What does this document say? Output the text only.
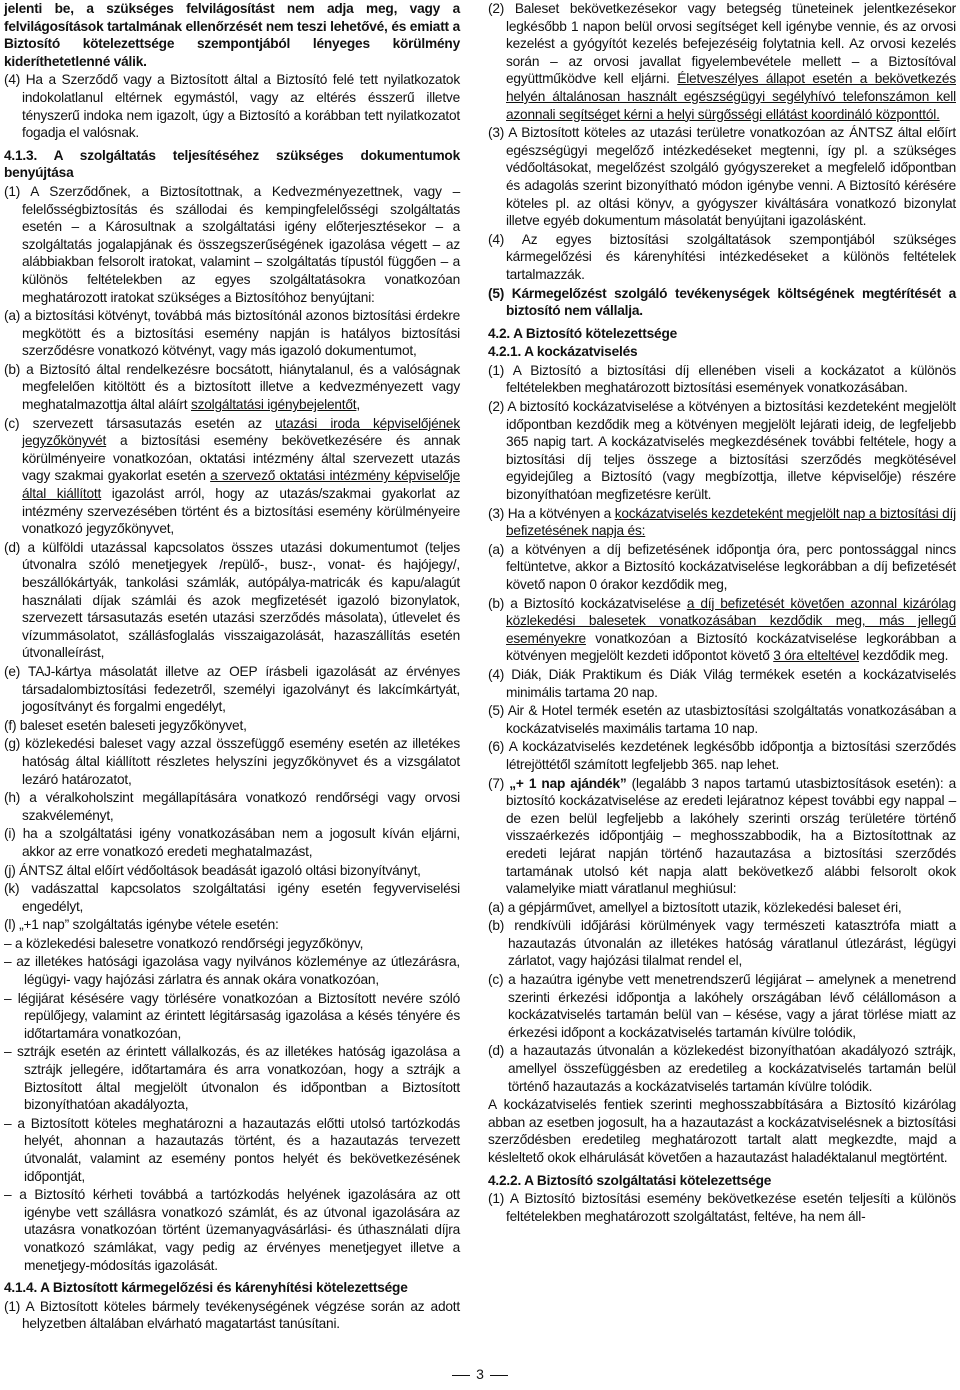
jelenti be, a szükséges felvilágosítást nem adja meg, vagy a felvilágosítások tartalmának ellenőrzését nem teszi lehetővé, és emiatt a Biztosító kötelezettsége szempontjából lényeges körülmény kideríthetetlenné válik.

(4) Ha a Szerződő vagy a Biztosított által a Biztosító felé tett nyilatkozatok indokolatlanul eltérnek egymástól, vagy az eltérés ésszerű illetve tényszerű indoka nem igazolt, úgy a Biztosító a korábban tett nyilatkozatot fogadja el valósnak.

4.1.3. A szolgáltatás teljesítéséhez szükséges dokumentumok benyújtása

(1) A Szerződőnek, a Biztosítottnak, a Kedvezményezettnek, vagy – felelősségbiztosítás és szállodai és kempingfelelősségi szolgáltatás esetén – a Károsultnak a szolgáltatási igény előterjesztésekor – a szolgáltatás jogalapjának és összegszerűségének igazolása végett – az alábbiakban felsorolt iratokat, valamint – szolgáltatás típustól függően – a különös feltételekben az egyes szolgáltatásokra vonatkozóan meghatározott iratokat szükséges a Biztosítóhoz benyújtani:

(a) a biztosítási kötvényt, továbbá más biztosítónál azonos biztosítási érdekre megkötött és a biztosítási esemény napján is hatályos biztosítási szerződésre vonatkozó kötvényt, vagy más igazoló dokumentumot,

(b) a Biztosító által rendelkezésre bocsátott, hiánytalanul, és a valóságnak megfelelően kitöltött és a biztosított illetve a kedvezményezett vagy meghatalmazottja által aláírt szolgáltatási igénybejelentőt,

(c) szervezett társasutazás esetén az utazási iroda képviselőjének jegyzőkönyvét a biztosítási esemény bekövetkezésére és annak körülményeire vonatkozóan, oktatási intézmény által szervezett utazás vagy szakmai gyakorlat esetén a szervező oktatási intézmény képviselője által kiállított igazolást arról, hogy az utazás/szakmai gyakorlat az intézmény szervezésében történt és a biztosítási esemény körülményeire vonatkozó jegyzőkönyvet,

(d) a külföldi utazással kapcsolatos összes utazási dokumentumot (teljes útvonalra szóló menetjegyek /repülő-, busz-, vonat- és hajójegy/, beszállókártyák, tankolási számlák, autópálya-matricák és kapu/alagút használati díjak számlái és azok megfizetését igazoló bizonylatok, szervezett társasutazás esetén utazási szerződés másolata), útlevelet és vízummásolatot, szállásfoglalás visszaigazolását, hazaszállítás esetén útvonalleírást,

(e) TAJ-kártya másolatát illetve az OEP írásbeli igazolását az érvényes társadalombiztosítási fedezetről, személyi igazolványt és lakcímkártyát, jogosítványt és forgalmi engedélyt,

(f) baleset esetén baleseti jegyzőkönyvet,

(g) közlekedési baleset vagy azzal összefüggő esemény esetén az illetékes hatóság által kiállított részletes helyszíni jegyzőkönyvet és a vizsgálatot lezáró határozatot,

(h) a véralkoholszint megállapítására vonatkozó rendőrségi vagy orvosi szakvéleményt,

(i) ha a szolgáltatási igény vonatkozásában nem a jogosult kíván eljárni, akkor az erre vonatkozó eredeti meghatalmazást,

(j) ÁNTSZ által előírt védőoltások beadását igazoló oltási bizonyítványt,

(k) vadászattal kapcsolatos szolgáltatási igény esetén fegyverviselési engedélyt,

(l) „+1 nap” szolgáltatás igénybe vétele esetén:

– a közlekedési balesetre vonatkozó rendőrségi jegyzőkönyv,

– az illetékes hatósági igazolása vagy nyilvános közleménye az útlezárásra, légügyi- vagy hajózási zárlatra és annak okára vonatkozóan,

– légijárat késésére vagy törlésére vonatkozóan a Biztosított nevére szóló repülőjegy, valamint az érintett légitársaság igazolása a késés tényére és időtartamára vonatkozóan,

– sztrájk esetén az érintett vállalkozás, és az illetékes hatóság igazolása a sztrájk jellegére, időtartamára és arra vonatkozóan, hogy a sztrájk a Biztosított által megjelölt útvonalon és időpontban a Biztosított bizonyíthatóan akadályozta,

– a Biztosított köteles meghatározni a hazautazás előtti utolsó tartózkodás helyét, ahonnan a hazautazás történt, és a hazautazás tervezett útvonalát, valamint az esemény pontos helyét és bekövetkezésének időpontját,

– a Biztosító kérheti továbbá a tartózkodás helyének igazolására az ott igénybe vett szállásra vonatkozó számlát, és az útvonal igazolására az utazásra vonatkozóan történt üzemanyagvásárlási- és úthasználati díjra vonatkozó számlákat, vagy pedig az érvényes menetjegyet illetve a menetjegy-módosítás igazolását.

4.1.4. A Biztosított kármegelőzési és kárenyhítési kötelezettsége

(1) A Biztosított köteles bármely tevékenységének végzése során az adott helyzetben általában elvárható magatartást tanúsítani.

(2) Baleset bekövetkezésekor vagy betegség tüneteinek jelentkezésekor legkésőbb 1 napon belül orvosi segítséget kell igénybe vennie, és az orvosi kezelést a gyógyítót kezelés befejezéséig folytatnia kell. Az orvosi kezelés során – az orvosi javallat figyelembevétele mellett – a Biztosítóval együttműködve kell eljárni. Életveszélyes állapot esetén a bekövetkezés helyén általánosan használt egészségügyi segélyhívó telefonszámon kell azonnali segítséget kérni a helyi sürgősségi ellátást koordináló központtól.

(3) A Biztosított köteles az utazási területre vonatkozóan az ÁNTSZ által előírt egészségügyi megelőző intézkedéseket megtenni, így pl. a szükséges védőoltásokat, megelőzést szolgáló gyógyszereket a megfelelő időpontban és adagolás szerint bizonyítható módon igénybe venni. A Biztosító kérésére köteles pl. az oltási könyv, a gyógyszer kiváltására vonatkozó bizonylat illetve egyéb dokumentum másolatát benyújtani igazolásként.

(4) Az egyes biztosítási szolgáltatások szempontjából szükséges kármegelőzési és kárenyhítési intézkedéseket a különös feltételek tartalmazzák.

(5) Kármegelőzést szolgáló tevékenységek költségének megtérítését a biztosító nem vállalja.

4.2. A Biztosító kötelezettsége

4.2.1. A kockázatviselés

(1) A Biztosító a biztosítási díj ellenében viseli a kockázatot a különös feltételekben meghatározott biztosítási események vonatkozásában.

(2) A biztosító kockázatviselése a kötvényen a biztosítási kezdeteként megjelölt időpontban kezdődik meg a kötvényen megjelölt lejárati ideig, de legfeljebb 365 napig tart. A kockázatviselés megkezdésének további feltétele, hogy a biztosítási díj teljes összege a biztosítási szerződés megkötésével egyidejűleg a Biztosító (vagy megbízottja, illetve képviselője) részére bizonyíthatóan megfizetésre került.

(3) Ha a kötvényen a kockázatviselés kezdeteként megjelölt nap a biztosítási díj befizetésének napja és:

(a) a kötvényen a díj befizetésének időpontja óra, perc pontossággal nincs feltüntetve, akkor a Biztosító kockázatviselése legkorábban a díj befizetését követő napon 0 órakor kezdődik meg,

(b) a Biztosító kockázatviselése a díj befizetését követően azonnal kizárólag közlekedési balesetek vonatkozásában kezdődik meg, más jellegű eseményekre vonatkozóan a Biztosító kockázatviselése legkorábban a kötvényen megjelölt kezdeti időpontot követő 3 óra elteltével kezdődik meg.

(4) Diák, Diák Praktikum és Diák Világ termékek esetén a kockázatviselés minimális tartama 20 nap.

(5) Air & Hotel termék esetén az utasbiztosítási szolgáltatás vonatkozásában a kockázatviselés maximális tartama 10 nap.

(6) A kockázatviselés kezdetének legkésőbb időpontja a biztosítási szerződés létrejöttétől számított legfeljebb 365. nap lehet.

(7) „+ 1 nap ajándék” (legalább 3 napos tartamú utasbiztosítások esetén): a biztosító kockázatviselése az eredeti lejáratnoz képest további egy nappal – de ezen belül legfeljebb a lakóhely szerinti ország területére történő visszaérkezés időpontjáig – meghosszabbodik, ha a Biztosítottnak az eredeti lejárat napján történő hazautazása a biztosítási szerződés tartamának utolsó két napja alatt bekövetkező alábbi felsorolt okok valamelyike miatt váratlanul meghiúsul:

(a) a gépjárművet, amellyel a biztosított utazik, közlekedési baleset éri,

(b) rendkívüli időjárási körülmények vagy természeti katasztrófa miatt a hazautazás útvonalán az illetékes hatóság váratlanul útlezárást, légügyi zárlatot, vagy hajózási tilalmat rendel el,

(c) a hazaútra igénybe vett menetrendszerű légijárat – amelynek a menetrend szerinti érkezési időpontja a lakóhely országában lévő célállomáson a kockázatviselés tartamán belül van – késése, vagy a járat törlése miatt az érkezési időpont a kockázatviselés tartamán kívülre tolódik,

(d) a hazautazás útvonalán a közlekedést bizonyíthatóan akadályozó sztrájk, amellyel összefüggésben az eredetileg a kockázatviselés tartamán belül történő hazautazás a kockázatviselés tartamán kívülre tolódik.

A kockázatviselés fentiek szerinti meghosszabbítására a Biztosító kizárólag abban az esetben jogosult, ha a hazautazást a kockázatviselésnek a biztosítási szerződésben eredetileg meghatározott tartalt alatt megkezdte, majd a késleltető okok elhárulását követően a hazautazást haladéktalanul megtörtént.

4.2.2. A Biztosító szolgáltatási kötelezettsége

(1) A Biztosító biztosítási esemény bekövetkezése esetén teljesíti a különös feltételekben meghatározott szolgáltatást, feltéve, ha nem áll-

3
